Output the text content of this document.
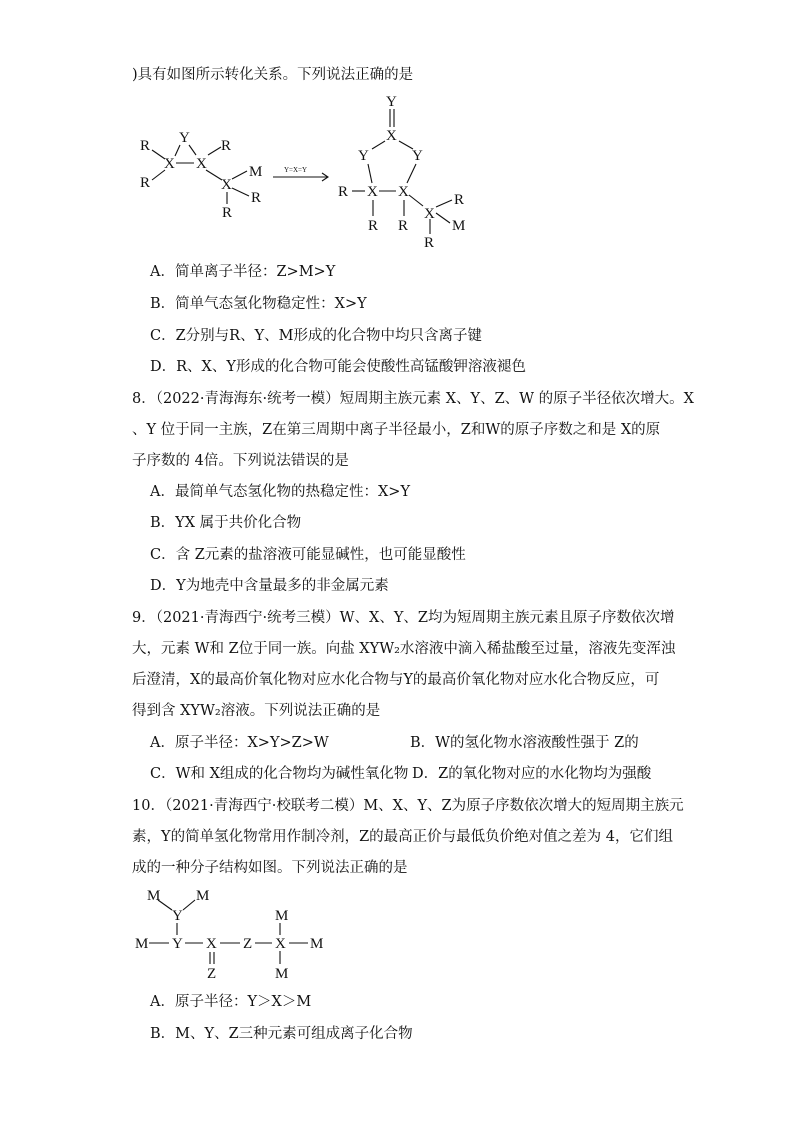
)具有如图所示转化关系。下列说法正确的是
R
R
X
Y
X
R
X
M
R
R
Y=X=Y
Y
X
Y	Y
R X X
R R
R
X
R
M
A．简单离子半径：Z>M>Y
B．简单气态氢化物稳定性：X>Y
C．Z分别与R、Y、M形成的化合物中均只含离子键
D．R、X、Y形成的化合物可能会使酸性高锰酸钾溶液褪色
8．（2022·青海海东·统考一模）短周期主族元素 X、Y、Z、W 的原子半径依次增大。X
、Y 位于同一主族，Z在第三周期中离子半径最小，Z和W的原子序数之和是 X的原
子序数的 4倍。下列说法错误的是
A．最简单气态氢化物的热稳定性：X>Y
B．YX 属于共价化合物
C．含 Z元素的盐溶液可能显碱性，也可能显酸性
D．Y为地壳中含量最多的非金属元素
9．（2021·青海西宁·统考三模）W、X、Y、Z均为短周期主族元素且原子序数依次增
大，元素 W和 Z位于同一族。向盐 XYW₂水溶液中滴入稀盐酸至过量，溶液先变浑浊
后澄清，X的最高价氧化物对应水化合物与Y的最高价氧化物对应水化合物反应，可
得到含 XYW₂溶液。下列说法正确的是
A．原子半径：X>Y>Z>W	B．W的氢化物水溶液酸性强于 Z的
C．W和 X组成的化合物均为碱性氧化物 D．Z的氧化物对应的水化物均为强酸
10．（2021·青海西宁·校联考二模）M、X、Y、Z为原子序数依次增大的短周期主族元
素，Y的简单氢化物常用作制冷剂，Z的最高正价与最低负价绝对值之差为 4，它们组
成的一种分子结构如图。下列说法正确的是
M M
Y
M Y X
Z
M
Z	M
M
X
A．原子半径：Y＞X＞M
B．M、Y、Z三种元素可组成离子化合物
